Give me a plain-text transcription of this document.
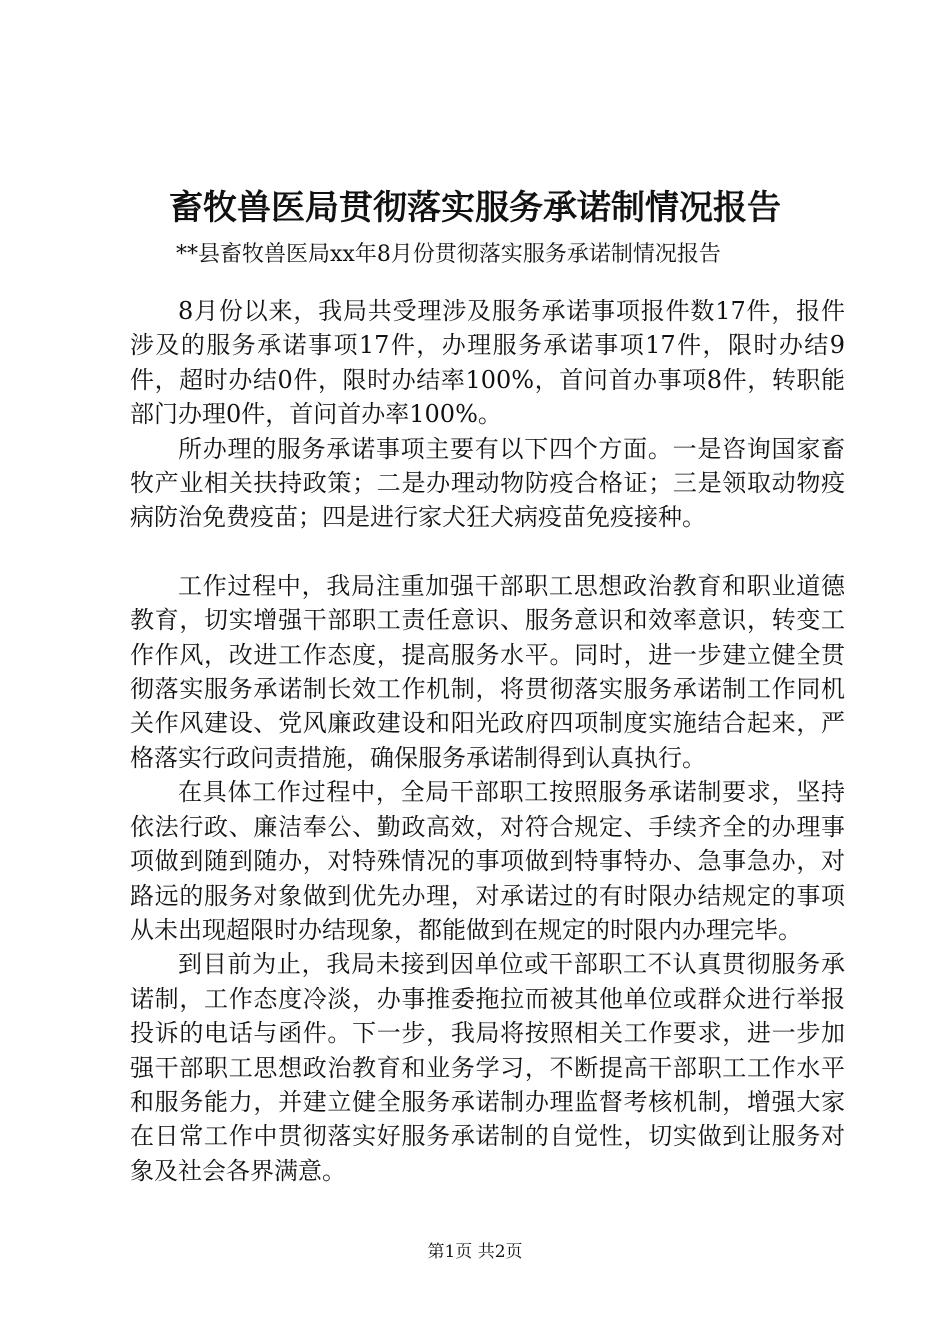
畜牧兽医局贯彻落实服务承诺制情况报告
**县畜牧兽医局xx年8月份贯彻落实服务承诺制情况报告

8月份以来，我局共受理涉及服务承诺事项报件数17件，报件涉及的服务承诺事项17件，办理服务承诺事项17件，限时办结9件，超时办结0件，限时办结率100%，首问首办事项8件，转职能部门办理0件，首问首办率100%。

所办理的服务承诺事项主要有以下四个方面。一是咨询国家畜牧产业相关扶持政策；二是办理动物防疫合格证；三是领取动物疫病防治免费疫苗；四是进行家犬狂犬病疫苗免疫接种。

工作过程中，我局注重加强干部职工思想政治教育和职业道德教育，切实增强干部职工责任意识、服务意识和效率意识，转变工作作风，改进工作态度，提高服务水平。同时，进一步建立健全贯彻落实服务承诺制长效工作机制，将贯彻落实服务承诺制工作同机关作风建设、党风廉政建设和阳光政府四项制度实施结合起来，严格落实行政问责措施，确保服务承诺制得到认真执行。

在具体工作过程中，全局干部职工按照服务承诺制要求，坚持依法行政、廉洁奉公、勤政高效，对符合规定、手续齐全的办理事项做到随到随办，对特殊情况的事项做到特事特办、急事急办，对路远的服务对象做到优先办理，对承诺过的有时限办结规定的事项从未出现超限时办结现象，都能做到在规定的时限内办理完毕。

到目前为止，我局未接到因单位或干部职工不认真贯彻服务承诺制，工作态度冷淡，办事推委拖拉而被其他单位或群众进行举报投诉的电话与函件。下一步，我局将按照相关工作要求，进一步加强干部职工思想政治教育和业务学习，不断提高干部职工工作水平和服务能力，并建立健全服务承诺制办理监督考核机制，增强大家在日常工作中贯彻落实好服务承诺制的自觉性，切实做到让服务对象及社会各界满意。

第1页 共2页
